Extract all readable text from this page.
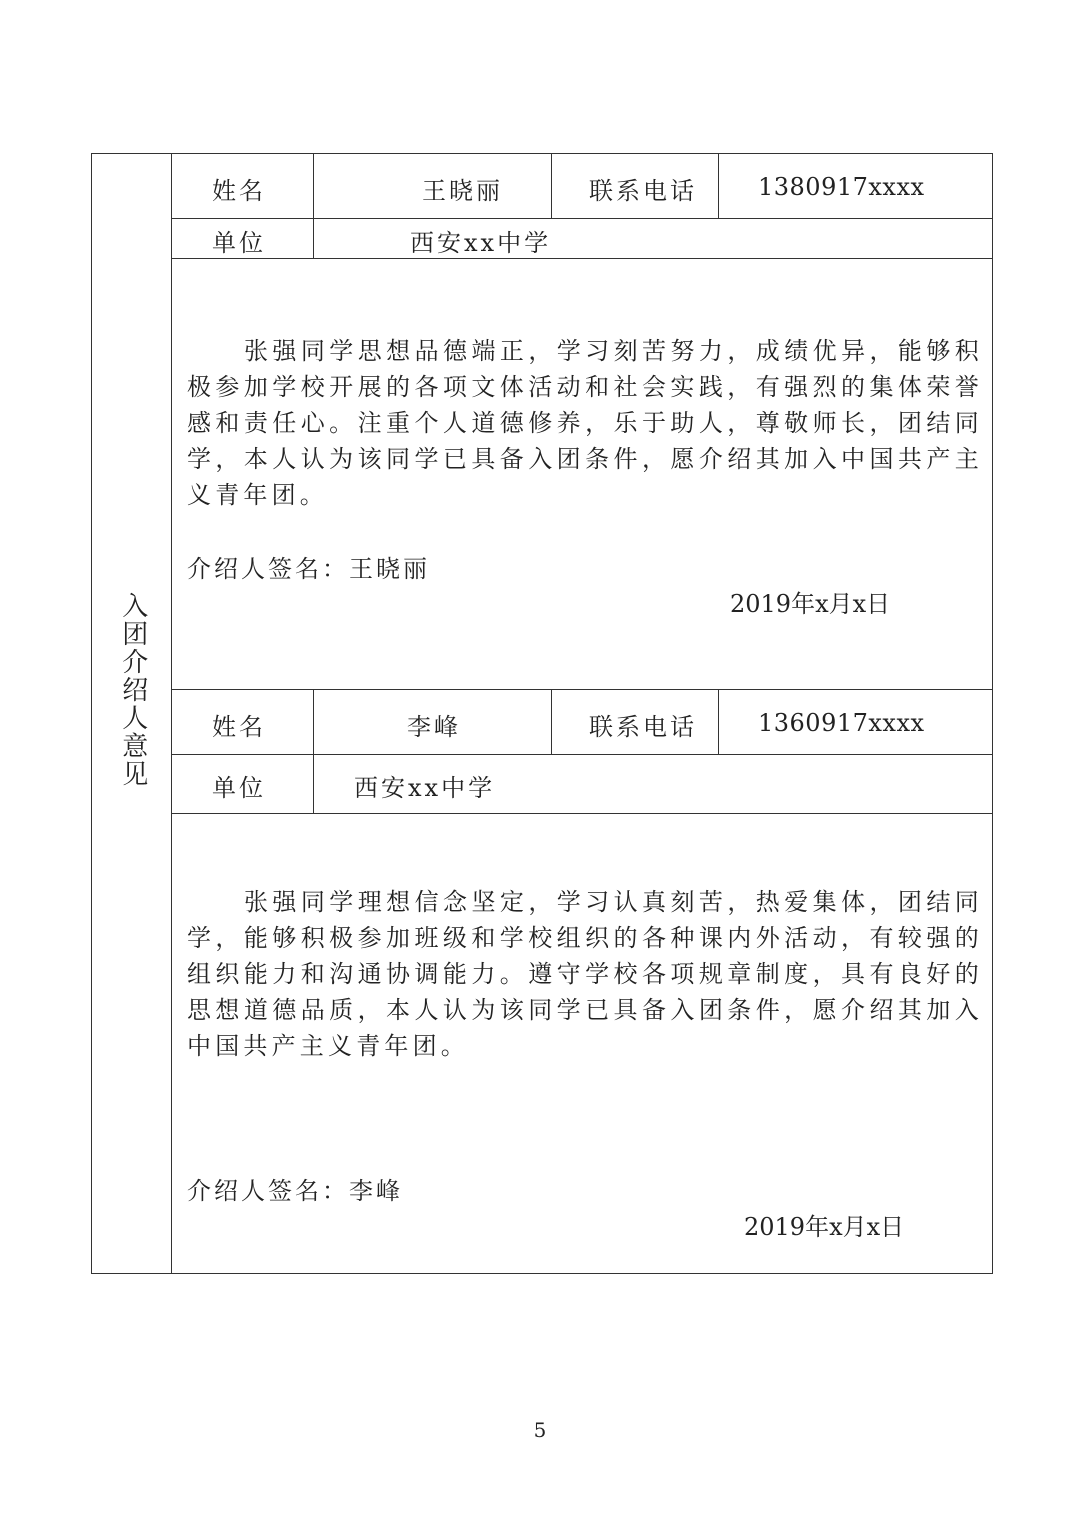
入团介绍人意见
姓名	王晓丽	联系电话	1380917xxxx
单位	西安xx中学
张强同学思想品德端正，学习刻苦努力，成绩优异，能够积极参加学校开展的各项文体活动和社会实践，有强烈的集体荣誉感和责任心。注重个人道德修养，乐于助人，尊敬师长，团结同学，本人认为该同学已具备入团条件，愿介绍其加入中国共产主义青年团。
介绍人签名：王晓丽
2019年x月x日
姓名	李峰	联系电话	1360917xxxx
单位	西安xx中学
张强同学理想信念坚定，学习认真刻苦，热爱集体，团结同学，能够积极参加班级和学校组织的各种课内外活动，有较强的组织能力和沟通协调能力。遵守学校各项规章制度，具有良好的思想道德品质，本人认为该同学已具备入团条件，愿介绍其加入中国共产主义青年团。
介绍人签名：李峰
2019年x月x日
5
